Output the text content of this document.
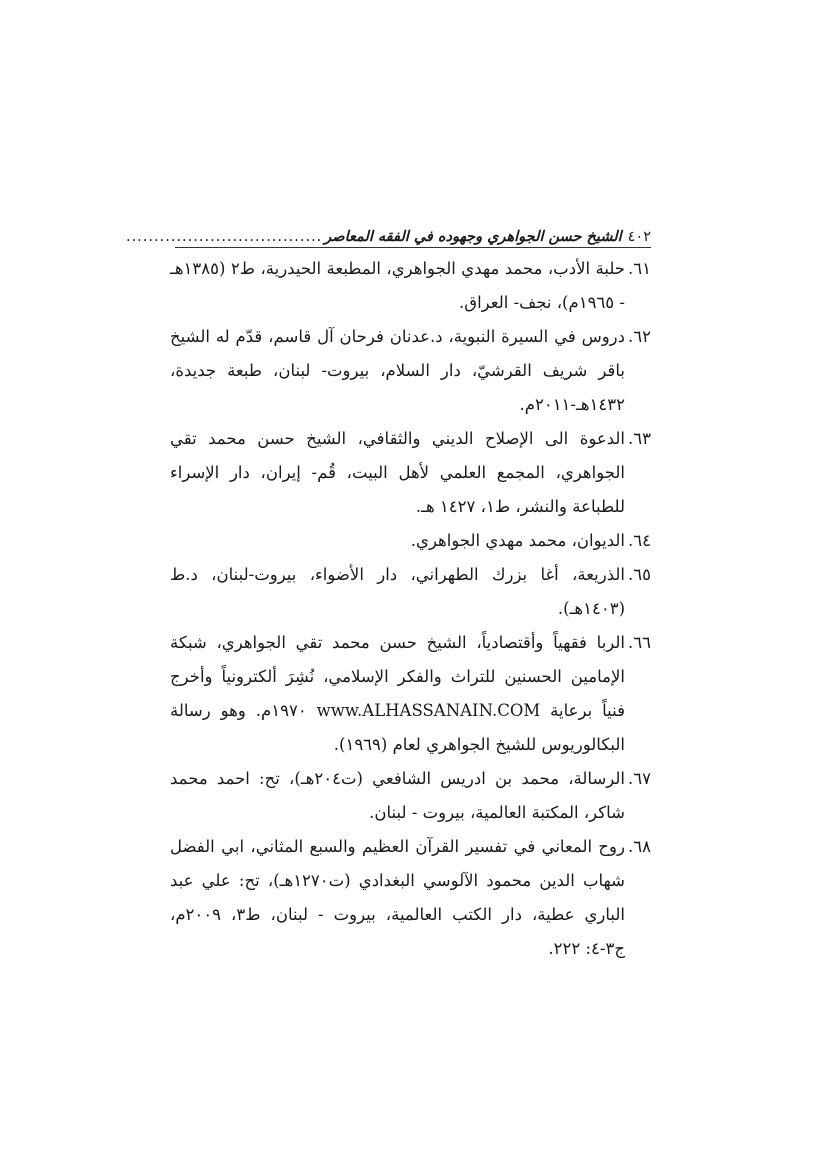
٤٠٢
الشيخ حسن الجواهري وجهوده في الفقه المعاصر
...................................

٦١.حلبة الأدب، محمد مهدي الجواهري، المطبعة الحيدرية، ط٢ (١٣٨٥هـ - ١٩٦٥م)، نجف- العراق.

٦٢.دروس في السيرة النبوية، د.عدنان فرحان آل قاسم، قدّم له الشيخ باقر شريف القرشيّ، دار السلام، بيروت- لبنان، طبعة جديدة، ١٤٣٢هـ-٢٠١١م.

٦٣.الدعوة الى الإصلاح الديني والثقافي، الشيخ حسن محمد تقي الجواهري، المجمع العلمي لأهل البيت، قُم- إيران، دار الإسراء للطباعة والنشر، ط١، ١٤٢٧ هـ.

٦٤.الديوان، محمد مهدي الجواهري.

٦٥.الذريعة، أغا بزرك الطهراني، دار الأضواء، بيروت-لبنان، د.ط (١٤٠٣هـ).

٦٦.الربا فقهياً وأقتصادياً، الشيخ حسن محمد تقي الجواهري، شبكة الإمامين الحسنين للتراث والفكر الإسلامي، نُشِرَ ألكترونياً وأخرج فنياً برعاية www.ALHASSANAIN.COM ١٩٧٠م. وهو رسالة البكالوريوس للشيخ الجواهري لعام (١٩٦٩).

٦٧.الرسالة، محمد بن ادريس الشافعي (ت٢٠٤هـ)، تح: احمد محمد شاكر، المكتبة العالمية، بيروت - لبنان.

٦٨.روح المعاني في تفسير القرآن العظيم والسبع المثاني، ابي الفضل شهاب الدين محمود الآلوسي البغدادي (ت١٢٧٠هـ)، تح: علي عبد الباري عطية، دار الكتب العالمية، بيروت - لبنان، ط٣، ٢٠٠٩م، ج٣-٤: ٢٢٢.
